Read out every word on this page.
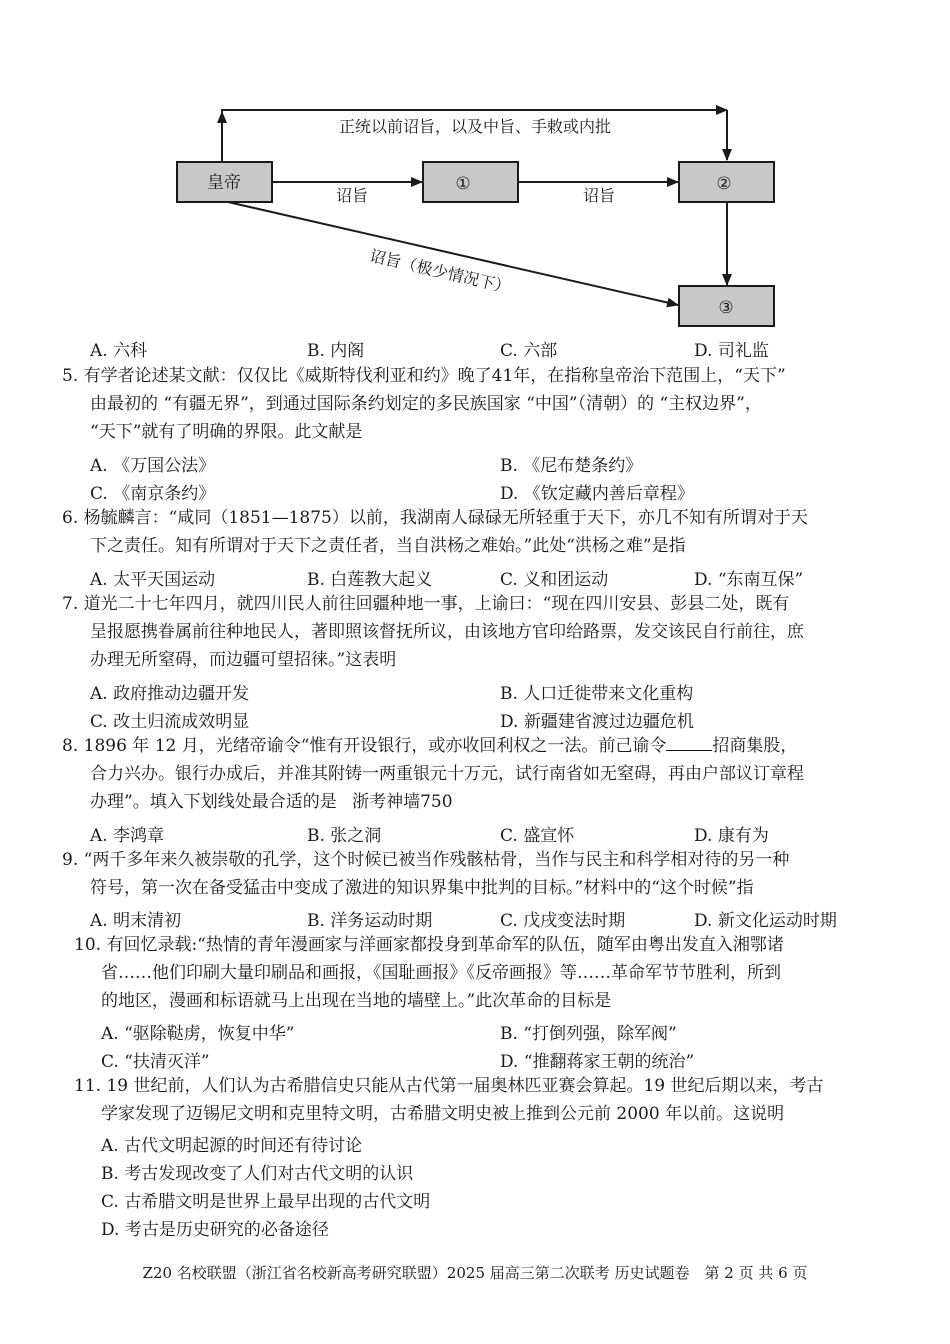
皇帝	①	②
③
正统以前诏旨，以及中旨、手敕或内批
诏旨	诏旨
诏旨（极少情况下）
A. 六科	B. 内阁	C. 六部	D. 司礼监
5. 有学者论述某文献：仅仅比《威斯特伐利亚和约》晚了41年，在指称皇帝治下范围上，“天下”
由最初的 “有疆无界”，到通过国际条约划定的多民族国家 “中国”（清朝）的 “主权边界”，
“天下”就有了明确的界限。此文献是
A. 《万国公法》	B. 《尼布楚条约》
C. 《南京条约》	D. 《钦定藏内善后章程》
6. 杨毓麟言：“咸同（1851—1875）以前，我湖南人碌碌无所轻重于天下，亦几不知有所谓对于天
下之责任。知有所谓对于天下之责任者，当自洪杨之难始。”此处“洪杨之难”是指
A. 太平天国运动	B. 白莲教大起义	C. 义和团运动	D. “东南互保”
7. 道光二十七年四月，就四川民人前往回疆种地一事，上谕曰：“现在四川安县、彭县二处，既有
呈报愿携眷属前往种地民人，著即照该督抚所议，由该地方官印给路票，发交该民自行前往，庶
办理无所窒碍，而边疆可望招徕。”这表明
A. 政府推动边疆开发	B. 人口迁徙带来文化重构
C. 改土归流成效明显	D. 新疆建省渡过边疆危机
8. 1896 年 12 月，光绪帝谕令“惟有开设银行，或亦收回利权之一法。前己谕令	招商集股，
合力兴办。银行办成后，并准其附铸一两重银元十万元，试行南省如无窒碍，再由户部议订章程
办理”。填入下划线处最合适的是 浙考神墙750
A. 李鸿章	B. 张之洞	C. 盛宣怀	D. 康有为
9. “两千多年来久被崇敬的孔学，这个时候已被当作残骸枯骨，当作与民主和科学相对待的另一种
符号，第一次在备受猛击中变成了激进的知识界集中批判的目标。”材料中的“这个时候”指
A. 明末清初	B. 洋务运动时期	C. 戊戌变法时期	D. 新文化运动时期
10. 有回忆录载:“热情的青年漫画家与洋画家都投身到革命军的队伍，随军由粤出发直入湘鄂诸
省……他们印刷大量印刷品和画报，《国耻画报》《反帝画报》等……革命军节节胜利，所到
的地区，漫画和标语就马上出现在当地的墙壁上。”此次革命的目标是
A. “驱除鞑虏，恢复中华”	B. “打倒列强，除军阀”
C. “扶清灭洋”	D. “推翻蒋家王朝的统治”
11. 19 世纪前，人们认为古希腊信史只能从古代第一届奥林匹亚赛会算起。19 世纪后期以来，考古
学家发现了迈锡尼文明和克里特文明，古希腊文明史被上推到公元前 2000 年以前。这说明
A. 古代文明起源的时间还有待讨论
B. 考古发现改变了人们对古代文明的认识
C. 古希腊文明是世界上最早出现的古代文明
D. 考古是历史研究的必备途径
Z20 名校联盟（浙江省名校新高考研究联盟）2025 届高三第二次联考 历史试题卷　第 2 页 共 6 页
